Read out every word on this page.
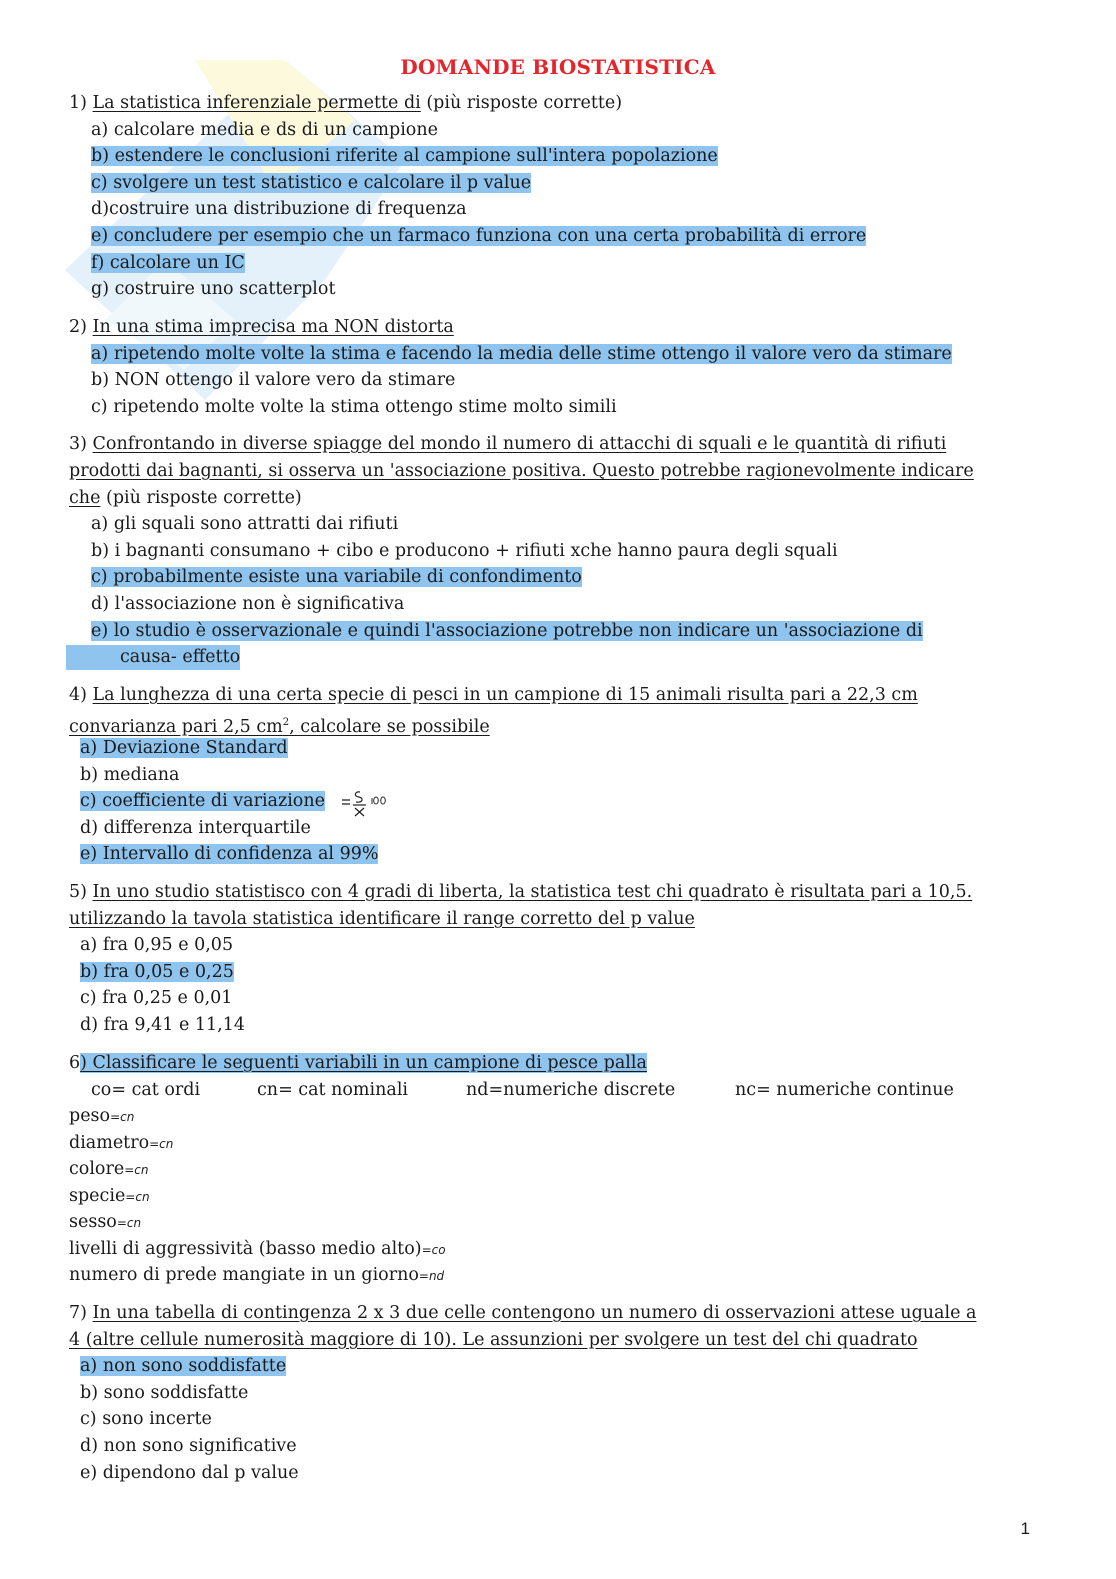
DOMANDE BIOSTATISTICA
1) La statistica inferenziale permette di (più risposte corrette)
a) calcolare media e ds di un campione
b) estendere le conclusioni riferite al campione sull'intera popolazione
c) svolgere un test statistico e calcolare il p value
d)costruire una distribuzione di frequenza
e) concludere per esempio che un farmaco funziona con una certa probabilità di errore
f) calcolare un IC
g) costruire uno scatterplot
2) In una stima imprecisa ma NON distorta
a) ripetendo molte volte la stima e facendo la media delle stime ottengo il valore vero da stimare
b) NON ottengo il valore vero da stimare
c) ripetendo molte volte la stima ottengo stime molto simili
3) Confrontando in diverse spiagge del mondo il numero di attacchi di squali e le quantità di rifiuti
prodotti dai bagnanti, si osserva un 'associazione positiva. Questo potrebbe ragionevolmente indicare
che (più risposte corrette)
a) gli squali sono attratti dai rifiuti
b) i bagnanti consumano + cibo e producono + rifiuti xche hanno paura degli squali
c) probabilmente esiste una variabile di confondimento
d) l'associazione non è significativa
e) lo studio è osservazionale e quindi l'associazione potrebbe non indicare un 'associazione di
causa- effetto
4) La lunghezza di una certa specie di pesci in un campione di 15 animali risulta pari a 22,3 cm
convarianza pari 2,5 $cm^2$, calcolare se possibile
a) Deviazione Standard
b) mediana
c) coefficiente di variazione
d) differenza interquartile
e) Intervallo di confidenza al 99%
5) In uno studio statistisco con 4 gradi di liberta, la statistica test chi quadrato è risultata pari a 10,5.
utilizzando la tavola statistica identificare il range corretto del p value
a) fra 0,95 e 0,05
b) fra 0,05 e 0,25
c) fra 0,25 e 0,01
d) fra 9,41 e 11,14
6) Classificare le seguenti variabili in un campione di pesce palla
co= cat ordi	cn= cat nominali	nd=numeriche discrete	nc= numeriche continue
peso=cn
diametro=cn
colore=cn
specie=cn
sesso=cn
livelli di aggressività (basso medio alto)=co
numero di prede mangiate in un giorno=nd
7) In una tabella di contingenza 2 x 3 due celle contengono un numero di osservazioni attese uguale a
4 (altre cellule numerosità maggiore di 10). Le assunzioni per svolgere un test del chi quadrato
a) non sono soddisfatte
b) sono soddisfatte
c) sono incerte
d) non sono significative
e) dipendono dal p value
1
